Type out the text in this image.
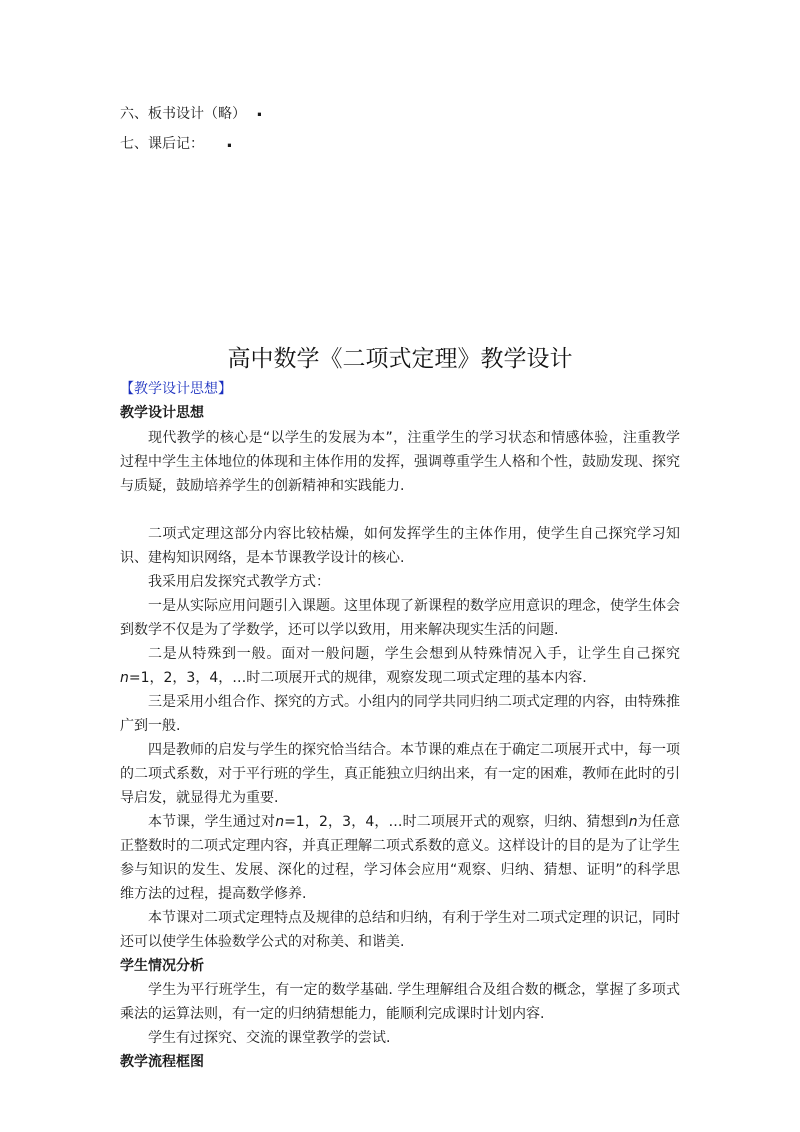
六、板书设计（略） .
七、课后记： .
高中数学《二项式定理》教学设计
【教学设计思想】
教学设计思想
现代教学的核心是“以学生的发展为本”，注重学生的学习状态和情感体验，注重教学过程中学生主体地位的体现和主体作用的发挥，强调尊重学生人格和个性，鼓励发现、探究与质疑，鼓励培养学生的创新精神和实践能力.
二项式定理这部分内容比较枯燥，如何发挥学生的主体作用，使学生自己探究学习知识、建构知识网络，是本节课教学设计的核心.
我采用启发探究式教学方式：
一是从实际应用问题引入课题。这里体现了新课程的数学应用意识的理念，使学生体会到数学不仅是为了学数学，还可以学以致用，用来解决现实生活的问题.
二是从特殊到一般。面对一般问题，学生会想到从特殊情况入手，让学生自己探究n=1，2，3，4，…时二项展开式的规律，观察发现二项式定理的基本内容.
三是采用小组合作、探究的方式。小组内的同学共同归纳二项式定理的内容，由特殊推广到一般.
四是教师的启发与学生的探究恰当结合。本节课的难点在于确定二项展开式中，每一项的二项式系数，对于平行班的学生，真正能独立归纳出来，有一定的困难，教师在此时的引导启发，就显得尤为重要.
本节课，学生通过对n=1，2，3，4，…时二项展开式的观察，归纳、猜想到n为任意正整数时的二项式定理内容，并真正理解二项式系数的意义。这样设计的目的是为了让学生参与知识的发生、发展、深化的过程，学习体会应用“观察、归纳、猜想、证明”的科学思维方法的过程，提高数学修养.
本节课对二项式定理特点及规律的总结和归纳，有利于学生对二项式定理的识记，同时还可以使学生体验数学公式的对称美、和谐美.
学生情况分析
学生为平行班学生，有一定的数学基础. 学生理解组合及组合数的概念，掌握了多项式乘法的运算法则，有一定的归纳猜想能力，能顺利完成课时计划内容.
学生有过探究、交流的课堂教学的尝试.
教学流程框图
